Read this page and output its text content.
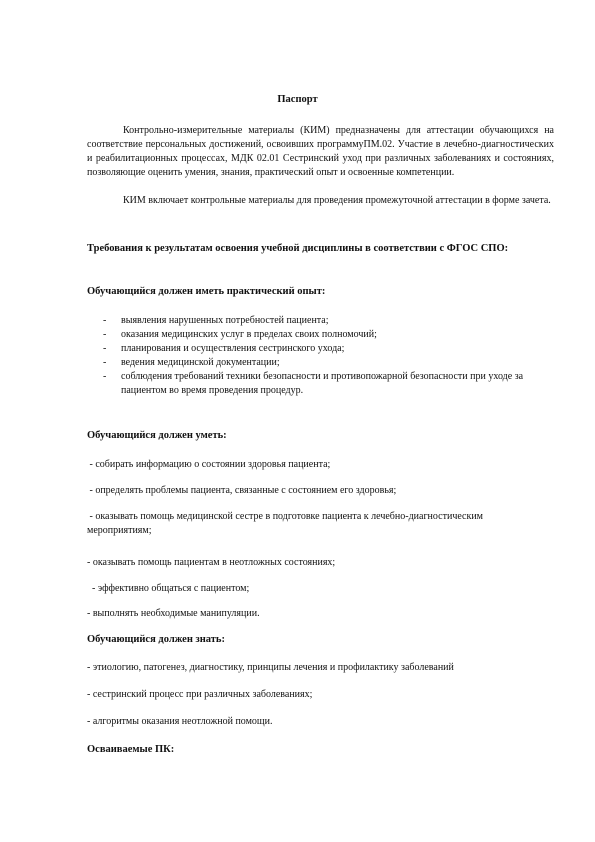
Паспорт
Контрольно-измерительные материалы (КИМ) предназначены для аттестации обучающихся на соответствие персональных достижений, освоивших программуПМ.02. Участие в лечебно-диагностических и реабилитационных процессах, МДК 02.01 Сестринский уход при различных заболеваниях и состояниях, позволяющие оценить умения, знания, практический опыт и освоенные компетенции.
КИМ включает контрольные материалы для проведения промежуточной аттестации в форме зачета.
Требования к результатам освоения учебной дисциплины в соответствии с ФГОС СПО:
Обучающийся должен иметь практический опыт:
- выявления нарушенных потребностей пациента;
- оказания медицинских услуг в пределах своих полномочий;
- планирования и осуществления сестринского ухода;
- ведения медицинской документации;
- соблюдения требований техники безопасности и противопожарной безопасности при уходе за пациентом во время проведения процедур.
Обучающийся должен уметь:
- собирать информацию о состоянии здоровья пациента;
- определять проблемы пациента, связанные с состоянием его здоровья;
- оказывать помощь медицинской сестре в подготовке пациента к лечебно-диагностическим мероприятиям;
- оказывать помощь пациентам в неотложных состояниях;
- эффективно общаться с пациентом;
- выполнять необходимые манипуляции.
Обучающийся должен знать:
- этиологию, патогенез, диагностику, принципы лечения и профилактику заболеваний
- сестринский процесс при различных заболеваниях;
- алгоритмы оказания неотложной помощи.
Осваиваемые ПК:
